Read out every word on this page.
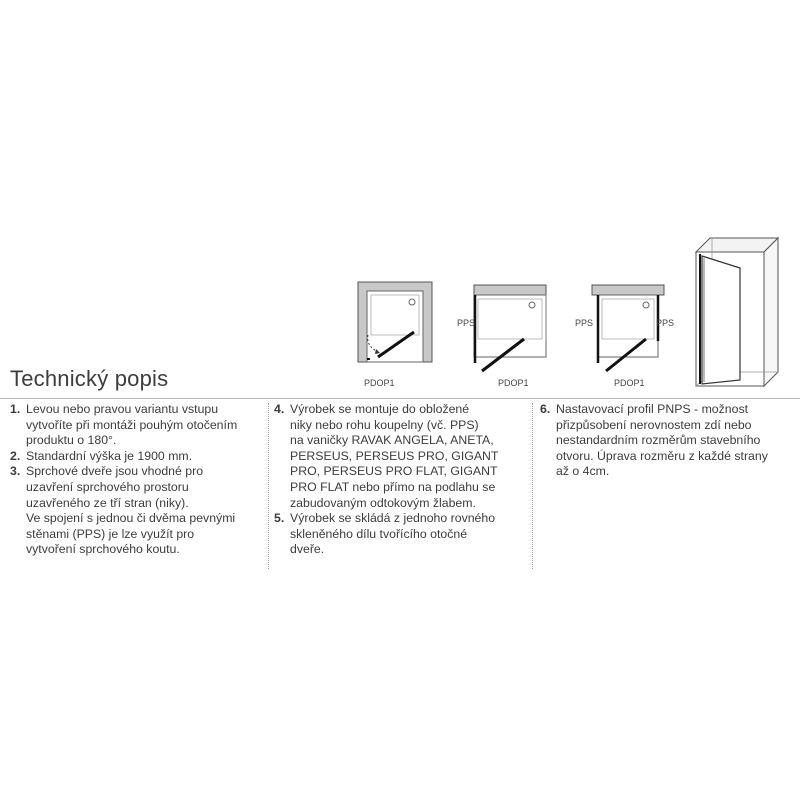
PDOP1
PPS
PDOP1
PPS	PPS
PDOP1
Technický popis
1. Levou nebo pravou variantu vstupu
vytvoříte při montáži pouhým otočením
produktu o 180°.
2. Standardní výška je 1900 mm.
3. Sprchové dveře jsou vhodné pro
uzavření sprchového prostoru
uzavřeného ze tří stran (niky).
Ve spojení s jednou či dvěma pevnými
stěnami (PPS) je lze využít pro
vytvoření sprchového koutu.
4. Výrobek se montuje do obložené
niky nebo rohu koupelny (vč. PPS)
na vaničky RAVAK ANGELA, ANETA,
PERSEUS, PERSEUS PRO, GIGANT
PRO, PERSEUS PRO FLAT, GIGANT
PRO FLAT nebo přímo na podlahu se
zabudovaným odtokovým žlabem.
5. Výrobek se skládá z jednoho rovného
skleněného dílu tvořícího otočné
dveře.
6. Nastavovací profil PNPS - možnost
přizpůsobení nerovnostem zdí nebo
nestandardním rozměrům stavebního
otvoru. Úprava rozměru z každé strany
až o 4cm.
